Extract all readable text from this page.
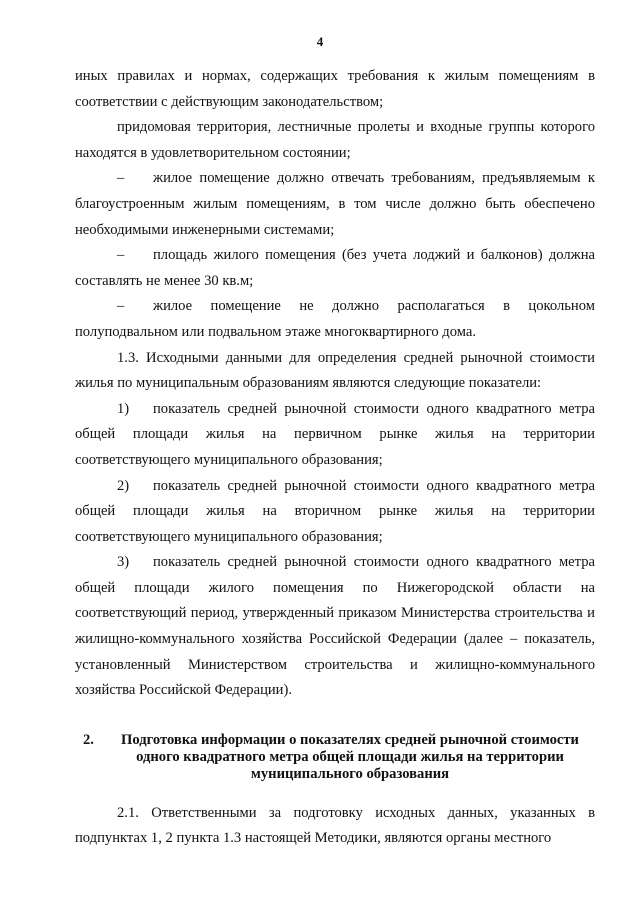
4

иных правилах и нормах, содержащих требования к жилым помещениям в соответствии с действующим законодательством;

придомовая территория, лестничные пролеты и входные группы которого находятся в удовлетворительном состоянии;

– жилое помещение должно отвечать требованиям, предъявляемым к благоустроенным жилым помещениям, в том числе должно быть обеспечено необходимыми инженерными системами;

– площадь жилого помещения (без учета лоджий и балконов) должна составлять не менее 30 кв.м;

– жилое помещение не должно располагаться в цокольном полуподвальном или подвальном этаже многоквартирного дома.

1.3. Исходными данными для определения средней рыночной стоимости жилья по муниципальным образованиям являются следующие показатели:

1) показатель средней рыночной стоимости одного квадратного метра общей площади жилья на первичном рынке жилья на территории соответствующего муниципального образования;

2) показатель средней рыночной стоимости одного квадратного метра общей площади жилья на вторичном рынке жилья на территории соответствующего муниципального образования;

3) показатель средней рыночной стоимости одного квадратного метра общей площади жилого помещения по Нижегородской области на соответствующий период, утвержденный приказом Министерства строительства и жилищно-коммунального хозяйства Российской Федерации (далее – показатель, установленный Министерством строительства и жилищно-коммунального хозяйства Российской Федерации).

2.	Подготовка информации о показателях средней рыночной стоимости одного квадратного метра общей площади жилья на территории муниципального образования

2.1. Ответственными за подготовку исходных данных, указанных в подпунктах 1, 2 пункта 1.3 настоящей Методики, являются органы местного
